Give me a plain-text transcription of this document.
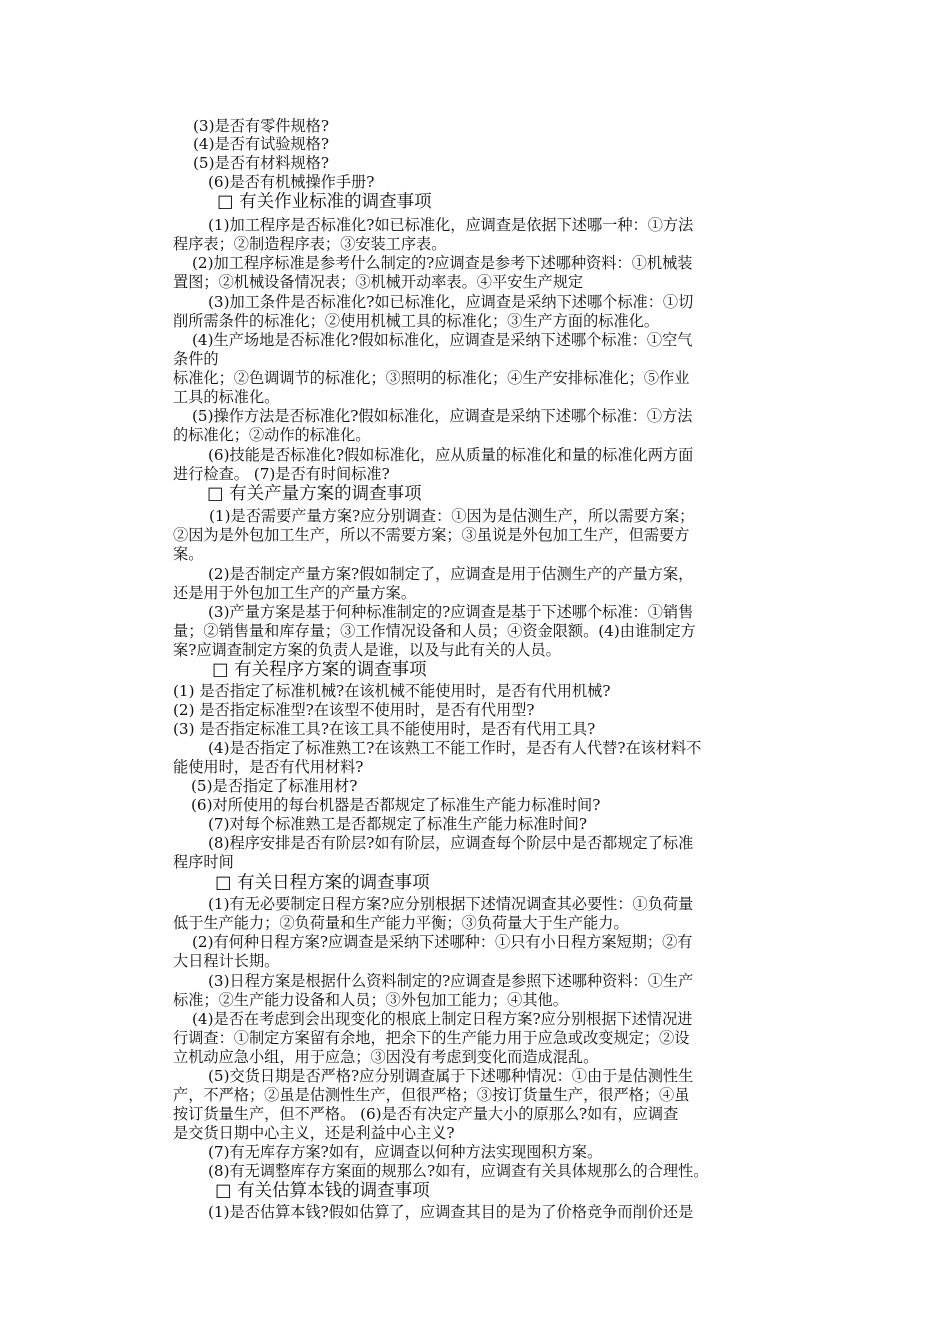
(3)是否有零件规格?
(4)是否有试验规格?
(5)是否有材料规格?
(6)是否有机械操作手册?
□ 有关作业标准的调查事项
(1)加工程序是否标准化?如已标准化，应调查是依据下述哪一种：①方法
程序表；②制造程序表；③安装工序表。
(2)加工程序标准是参考什么制定的?应调查是参考下述哪种资料：①机械装
置图；②机械设备情况表；③机械开动率表。④平安生产规定
(3)加工条件是否标准化?如已标准化，应调查是采纳下述哪个标准：①切
削所需条件的标准化；②使用机械工具的标准化；③生产方面的标准化。
(4)生产场地是否标准化?假如标准化，应调查是采纳下述哪个标准：①空气
条件的
标准化；②色调调节的标准化；③照明的标准化；④生产安排标准化；⑤作业
工具的标准化。
(5)操作方法是否标准化?假如标准化，应调查是采纳下述哪个标准：①方法
的标准化；②动作的标准化。
(6)技能是否标准化?假如标准化，应从质量的标准化和量的标准化两方面
进行检查。 (7)是否有时间标准?
□ 有关产量方案的调查事项
(1)是否需要产量方案?应分别调查：①因为是估测生产，所以需要方案；
②因为是外包加工生产，所以不需要方案；③虽说是外包加工生产，但需要方
案。
(2)是否制定产量方案?假如制定了，应调查是用于估测生产的产量方案，
还是用于外包加工生产的产量方案。
(3)产量方案是基于何种标准制定的?应调查是基于下述哪个标准：①销售
量；②销售量和库存量；③工作情况设备和人员；④资金限额。(4)由谁制定方
案?应调查制定方案的负责人是谁，以及与此有关的人员。
□ 有关程序方案的调查事项
(1) 是否指定了标准机械?在该机械不能使用时，是否有代用机械?
(2) 是否指定标准型?在该型不使用时，是否有代用型?
(3) 是否指定标准工具?在该工具不能使用时，是否有代用工具?
(4)是否指定了标准熟工?在该熟工不能工作时，是否有人代替?在该材料不
能使用时，是否有代用材料?
(5)是否指定了标准用材?
(6)对所使用的每台机器是否都规定了标准生产能力标准时间?
(7)对每个标准熟工是否都规定了标准生产能力标准时间?
(8)程序安排是否有阶层?如有阶层，应调查每个阶层中是否都规定了标准
程序时间
□ 有关日程方案的调查事项
(1)有无必要制定日程方案?应分别根据下述情况调查其必要性：①负荷量
低于生产能力；②负荷量和生产能力平衡；③负荷量大于生产能力。
(2)有何种日程方案?应调查是采纳下述哪种：①只有小日程方案短期；②有
大日程计长期。
(3)日程方案是根据什么资料制定的?应调查是参照下述哪种资料：①生产
标准；②生产能力设备和人员；③外包加工能力；④其他。
(4)是否在考虑到会出现变化的根底上制定日程方案?应分别根据下述情况进
行调查：①制定方案留有余地，把余下的生产能力用于应急或改变规定；②设
立机动应急小组，用于应急；③因没有考虑到变化而造成混乱。
(5)交货日期是否严格?应分别调查属于下述哪种情况：①由于是估测性生
产，不严格；②虽是估测性生产，但很严格；③按订货量生产，很严格；④虽
按订货量生产，但不严格。 (6)是否有决定产量大小的原那么?如有，应调查
是交货日期中心主义，还是利益中心主义?
(7)有无库存方案?如有，应调查以何种方法实现囤积方案。
(8)有无调整库存方案面的规那么?如有，应调查有关具体规那么的合理性。
□ 有关估算本钱的调查事项
(1)是否估算本钱?假如估算了，应调查其目的是为了价格竞争而削价还是
